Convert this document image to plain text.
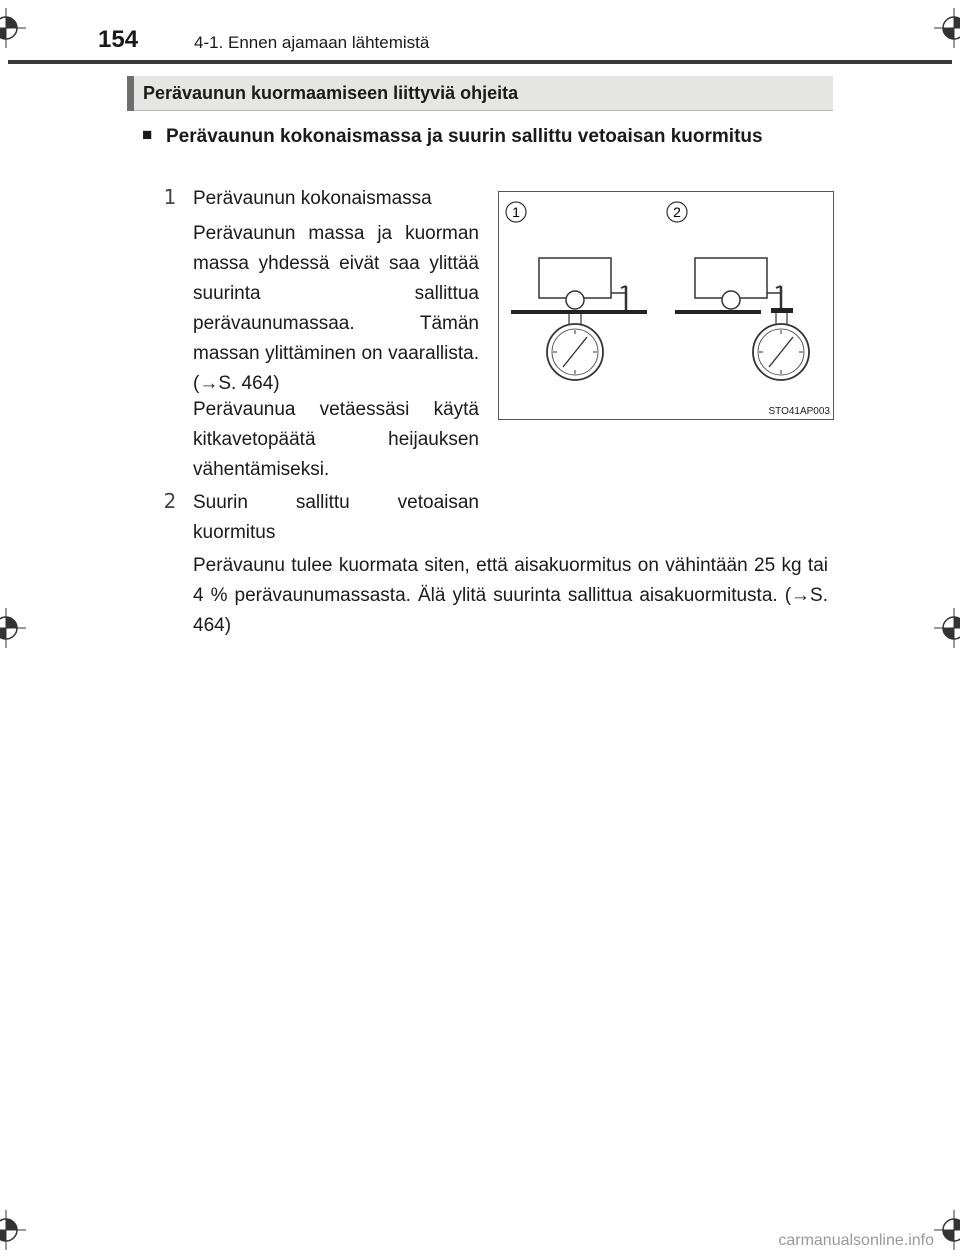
154	4-1. Ennen ajamaan lähtemistä
Perävaunun kuormaamiseen liittyviä ohjeita
■ Perävaunun kokonaismassa ja suurin sallittu vetoaisan kuormitus
1 Perävaunun kokonaismassa
Perävaunun massa ja kuorman massa yhdessä eivät saa ylittää suurinta sallittua perävaunumassaa. Tämän massan ylittäminen on vaarallista. (→S. 464)
Perävaunua vetäessäsi käytä kitkavetopäätä heijauksen vähentämiseksi.
2 Suurin sallittu vetoaisan kuormitus
Perävaunu tulee kuormata siten, että aisakuormitus on vähintään 25 kg tai 4 % perävaunumassasta. Älä ylitä suurinta sallittua aisakuormitusta. (→S. 464)
1	2
STO41AP003
carmanualsonline.info
